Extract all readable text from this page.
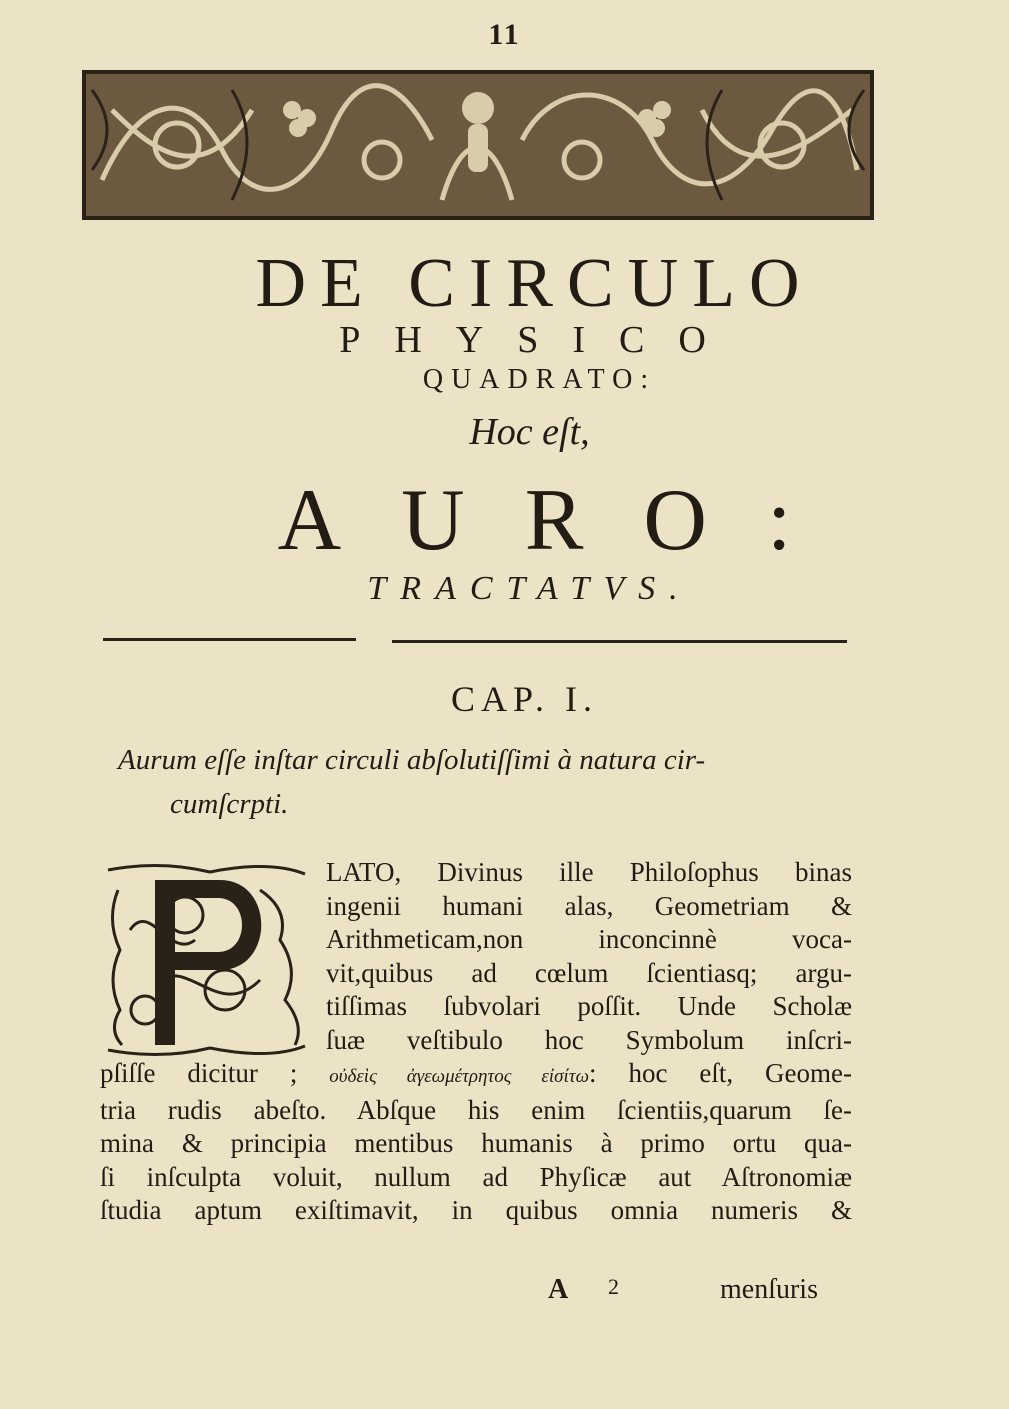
11
DE CIRCULO
PHYSICO
QUADRATO:
Hoc eſt,
AURO:
TRACTATVS.
CAP. I.
Aurum eſſe inſtar circuli abſolutiſſimi à natura cir-
cumſcrpti.
P
LATO, Divinus ille Philoſophus binas
ingenii humani alas, Geometriam &
Arithmeticam,non inconcinnè voca-
vit,quibus ad cœlum ſcientiasq; argu-
tiſſimas ſubvolari poſſit. Unde Scholæ
ſuæ veſtibulo hoc Symbolum inſcri-
pſiſſe dicitur ; οὐδεὶς ἀγεωμέτρητος εἰσίτω: hoc eſt, Geome-
tria rudis abeſto. Abſque his enim ſcientiis,quarum ſe-
mina & principia mentibus humanis à primo ortu qua-
ſi inſculpta voluit, nullum ad Phyſicæ aut Aſtronomiæ
ſtudia aptum exiſtimavit, in quibus omnia numeris &
A 2	menſuris
